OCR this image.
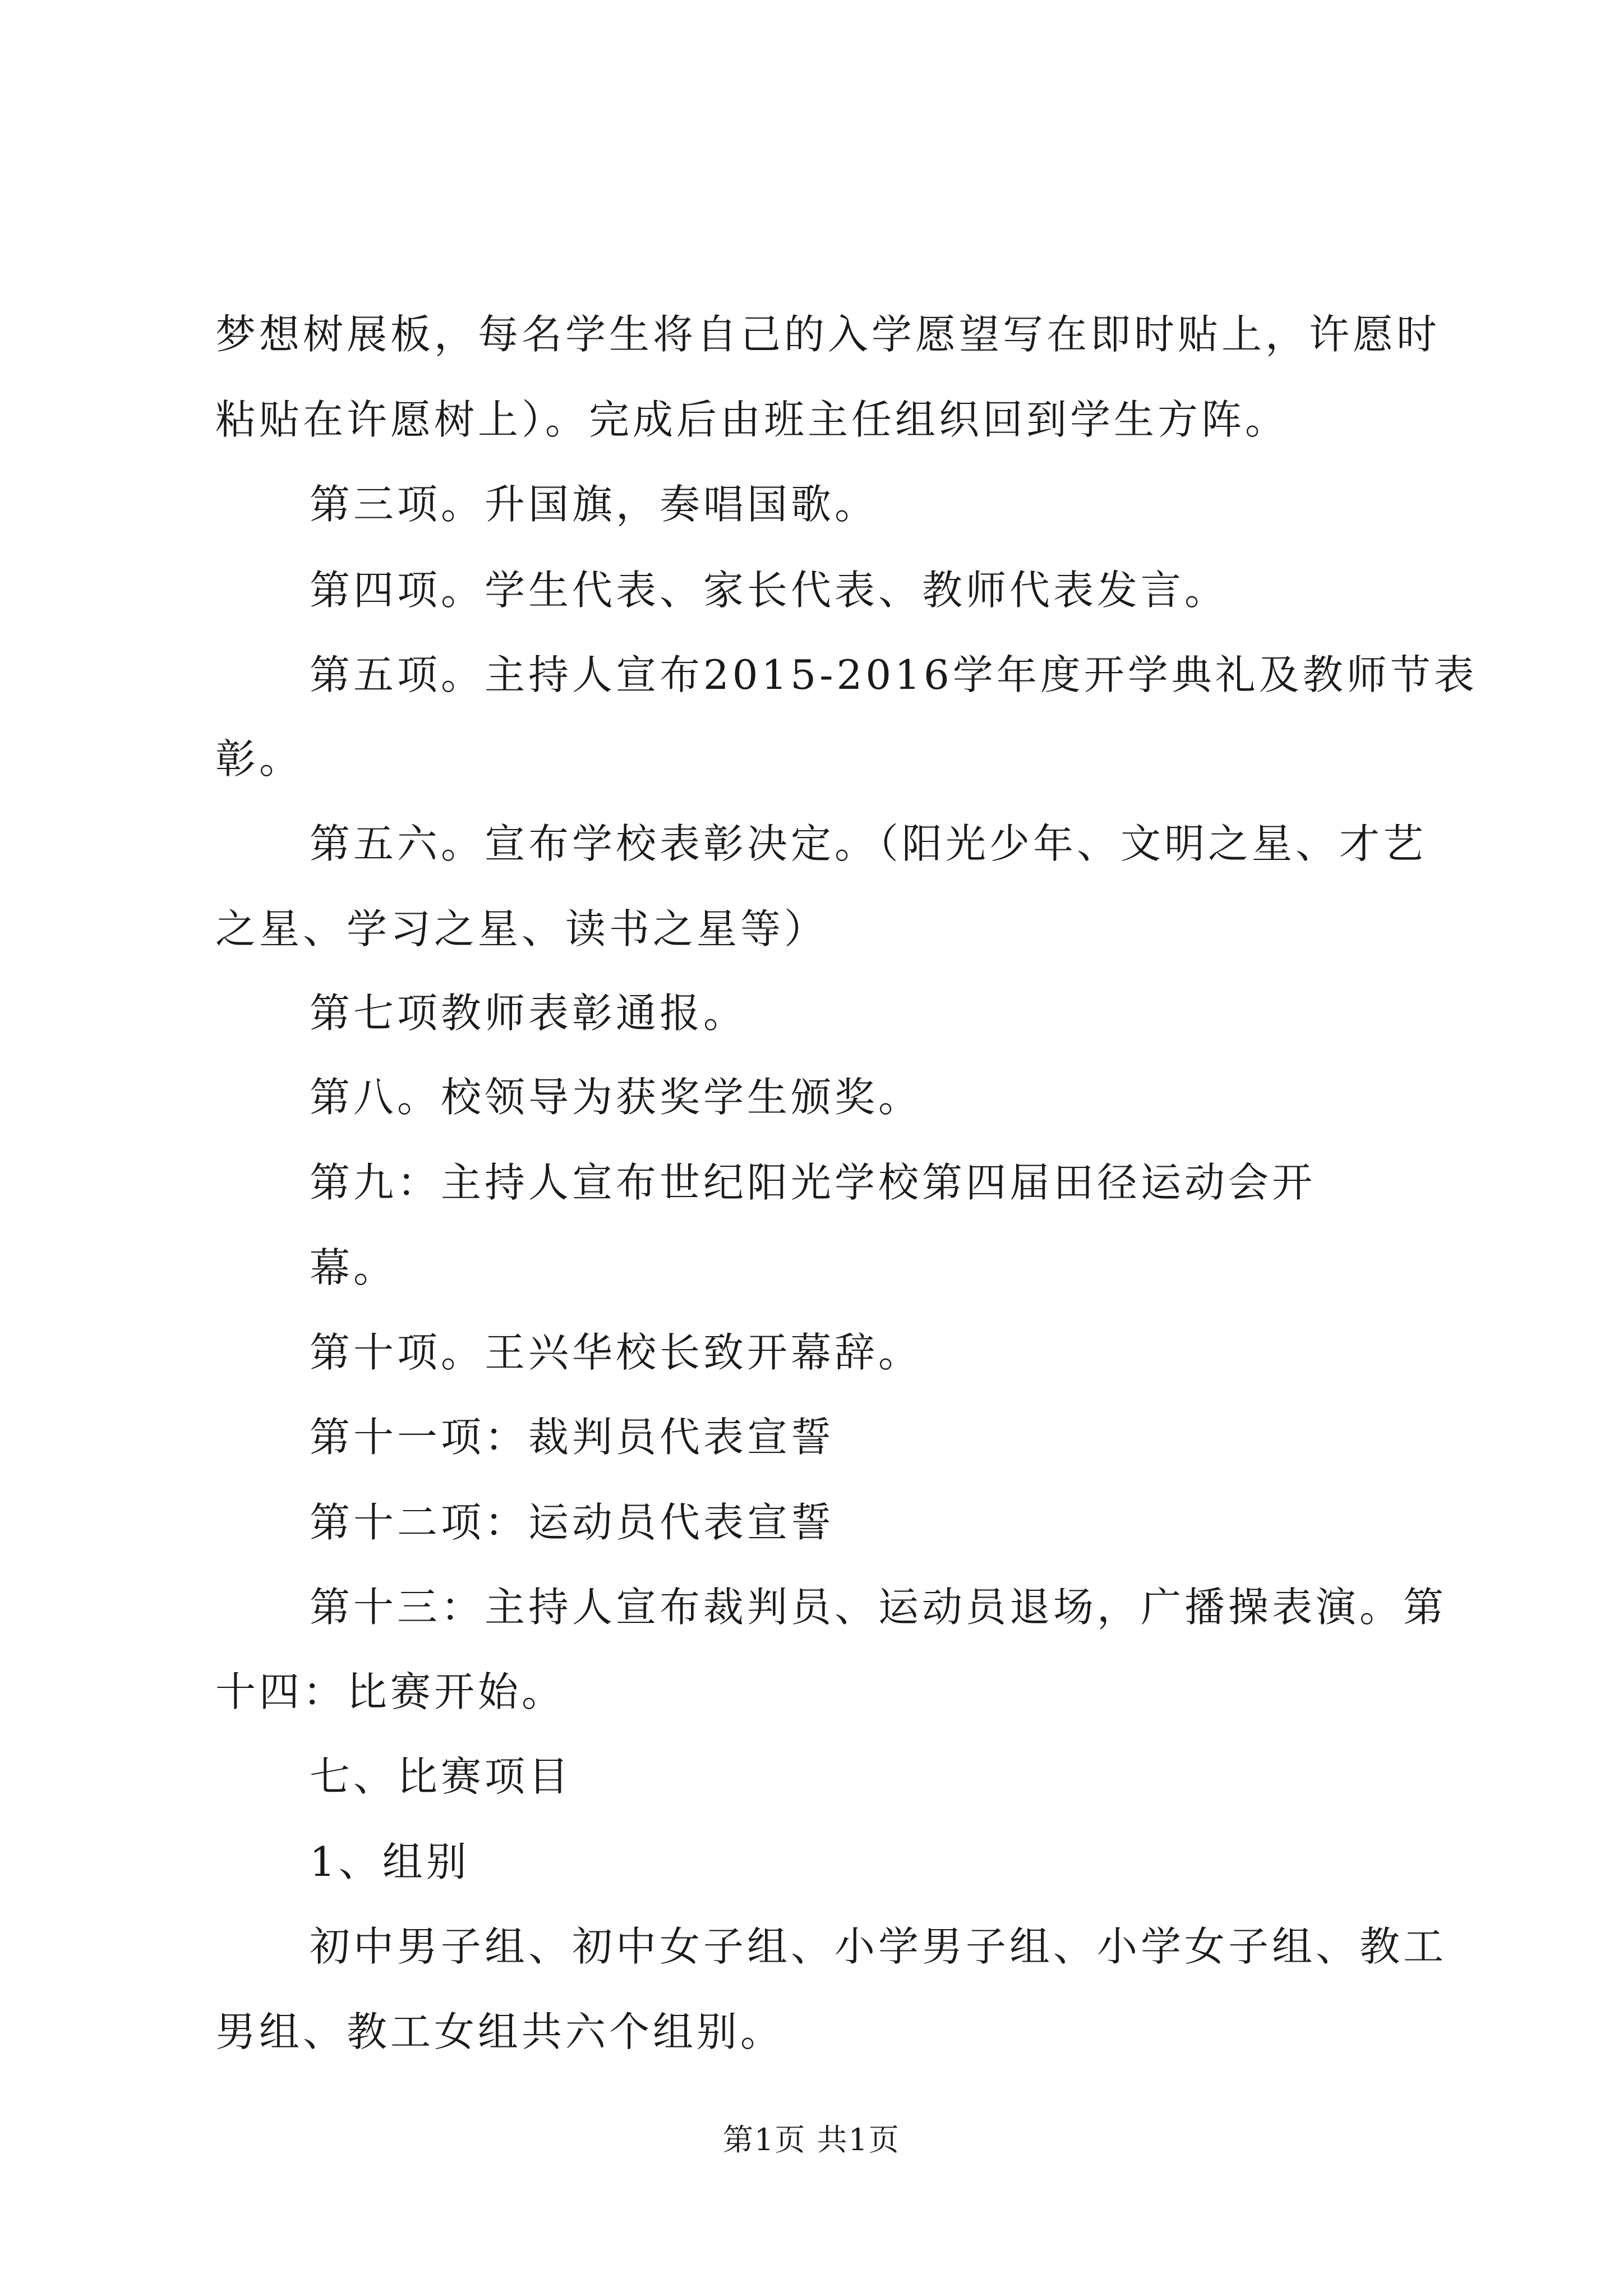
梦想树展板，每名学生将自己的入学愿望写在即时贴上，许愿时
粘贴在许愿树上）。完成后由班主任组织回到学生方阵。
第三项。升国旗，奏唱国歌。
第四项。学生代表、家长代表、教师代表发言。
第五项。主持人宣布2015-2016学年度开学典礼及教师节表
彰。
第五六。宣布学校表彰决定。（阳光少年、文明之星、才艺
之星、学习之星、读书之星等）
第七项教师表彰通报。
第八。校领导为获奖学生颁奖。
第九：主持人宣布世纪阳光学校第四届田径运动会开
幕。
第十项。王兴华校长致开幕辞。
第十一项：裁判员代表宣誓
第十二项：运动员代表宣誓
第十三：主持人宣布裁判员、运动员退场，广播操表演。第
十四：比赛开始。
七、比赛项目
1、组别
初中男子组、初中女子组、小学男子组、小学女子组、教工
男组、教工女组共六个组别。
第1页 共1页
